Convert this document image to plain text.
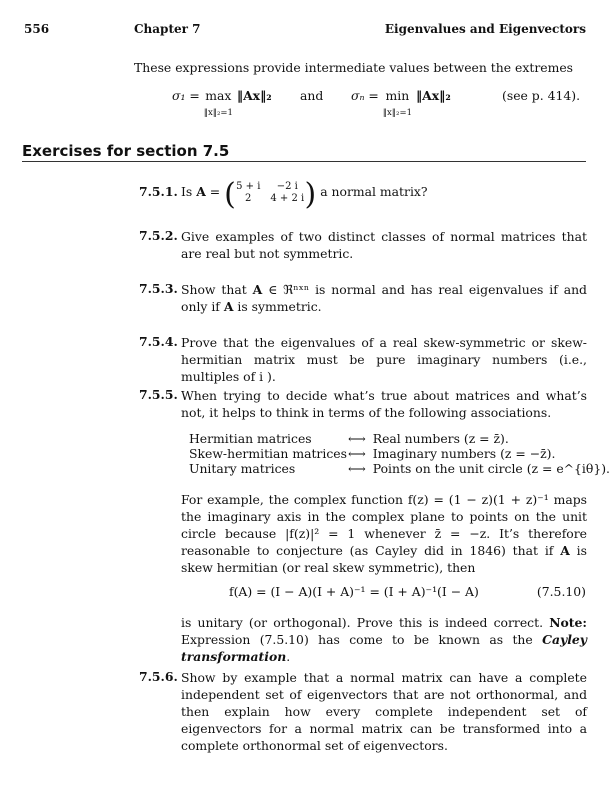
556	Chapter 7	Eigenvalues and Eigenvectors
These expressions provide intermediate values between the extremes
σ₁ = max
‖x‖₂=1 ‖Ax‖₂ and σₙ = min
‖x‖₂=1 ‖Ax‖₂	(see p. 414).
Exercises for section 7.5
7.5.1. Is A = ( 5 + i	−2 i
2	4 + 2 i ) a normal matrix?
7.5.2. Give examples of two distinct classes of normal matrices that are real but not symmetric.
7.5.3. Show that A ∈ ℜⁿˣⁿ is normal and has real eigenvalues if and only if A is symmetric.
7.5.4. Prove that the eigenvalues of a real skew-symmetric or skew-hermitian matrix must be pure imaginary numbers (i.e., multiples of i ).
7.5.5. When trying to decide what’s true about matrices and what’s not, it helps to think in terms of the following associations.
Hermitian matrices	⟷	Real numbers (z = z̄).
Skew-hermitian matrices	⟷	Imaginary numbers (z = −z̄).
Unitary matrices	⟷	Points on the unit circle (z = e^{iθ}).
For example, the complex function f(z) = (1 − z)(1 + z)⁻¹ maps the imaginary axis in the complex plane to points on the unit circle because |f(z)|² = 1 whenever z̄ = −z. It’s therefore reasonable to conjecture (as Cayley did in 1846) that if A is skew hermitian (or real skew symmetric), then
f(A) = (I − A)(I + A)⁻¹ = (I + A)⁻¹(I − A)	(7.5.10)
is unitary (or orthogonal). Prove this is indeed correct. Note: Expression (7.5.10) has come to be known as the Cayley transformation.
7.5.6. Show by example that a normal matrix can have a complete independent set of eigenvectors that are not orthonormal, and then explain how every complete independent set of eigenvectors for a normal matrix can be transformed into a complete orthonormal set of eigenvectors.
